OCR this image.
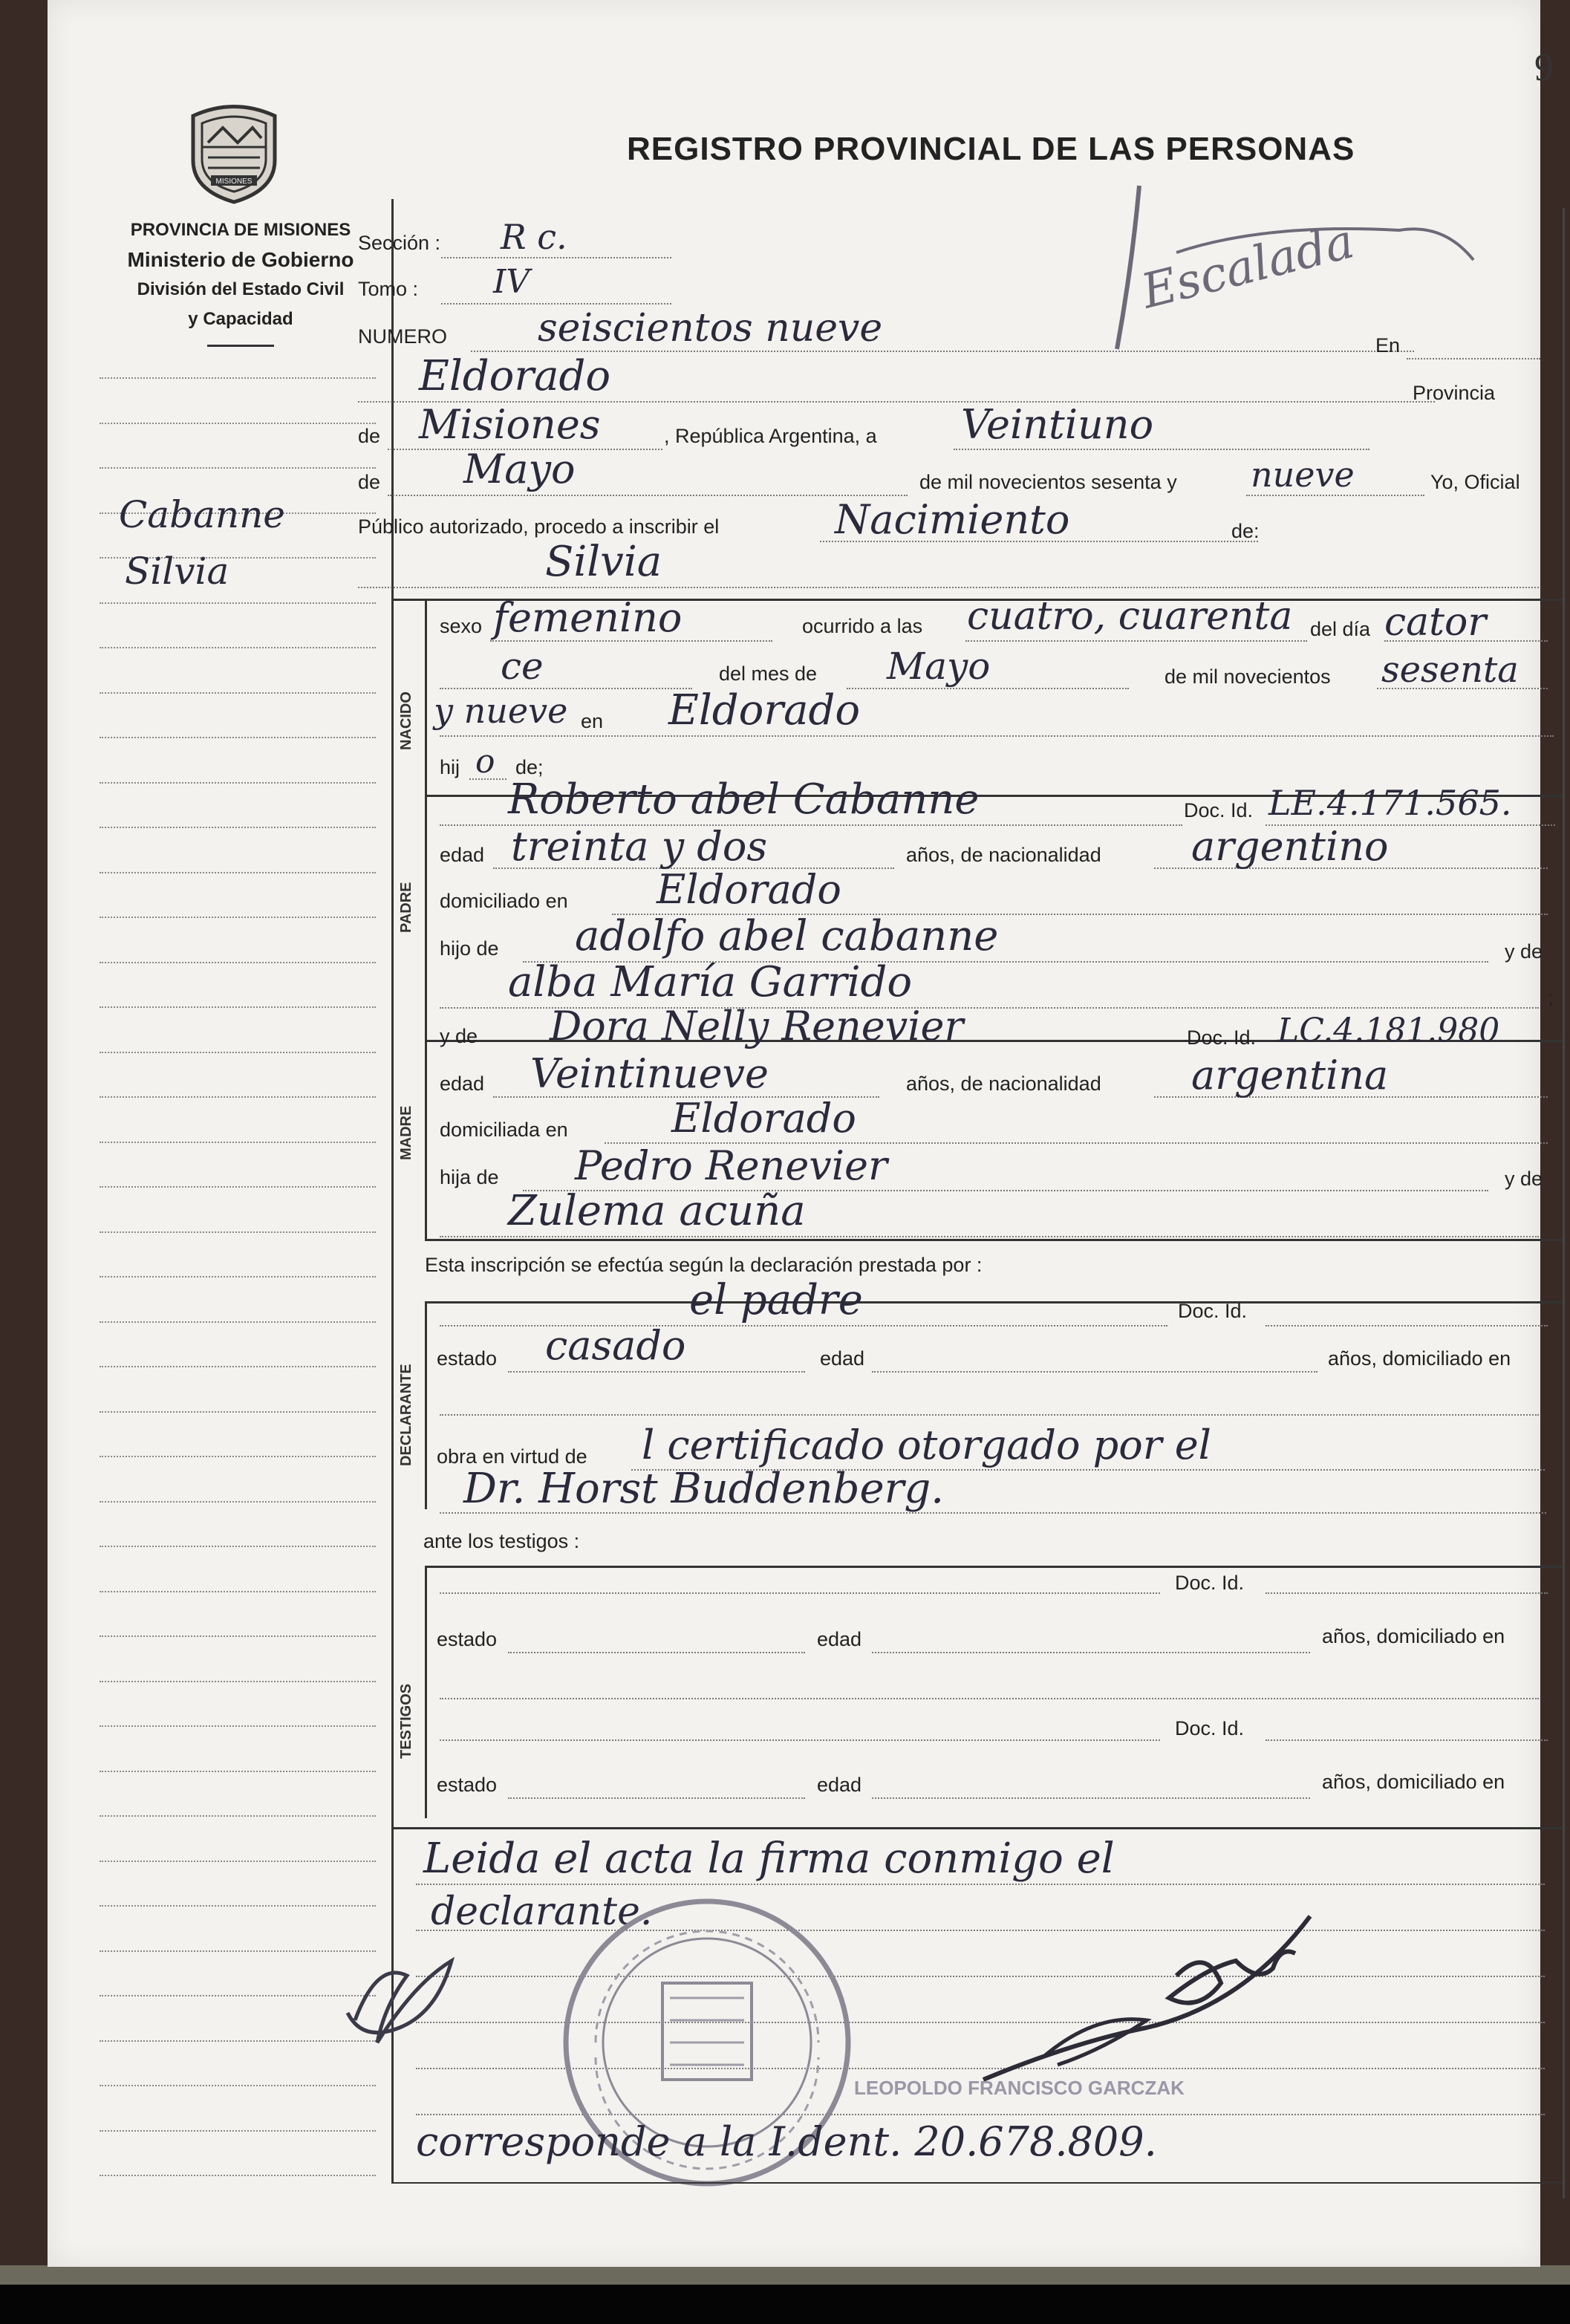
9
REGISTRO PROVINCIAL DE LAS PERSONAS
MISIONES
PROVINCIA DE MISIONES
Ministerio de Gobierno
División del Estado Civil
y Capacidad
Cabanne
Silvia
Sección : R c.
Tomo : IV
NUMERO seiscientos nueve	En
Escalada
Eldorado	Provincia
de Misiones	, República Argentina, a Veintiuno
de Mayo	de mil novecientos sesenta y nueve	Yo, Oficial
Público autorizado, procedo a inscribir el	Nacimiento	de:
Silvia
NACIDO
sexo femenino	ocurrido a las cuatro, cuarenta del día cator
ce	del mes de Mayo	de mil novecientos sesenta
y nueve en Eldorado
hij o de;
PADRE
Roberto abel Cabanne	Doc. Id. LE.4.171.565.
edad treinta y dos	años, de nacionalidad argentino
domiciliado en Eldorado
hijo de adolfo abel cabanne	y de
alba María Garrido	;
MADRE
y de Dora Nelly Renevier	Doc. Id. LC.4.181.980
edad Veintinueve	años, de nacionalidad argentina
domiciliada en	Eldorado
hija de Pedro Renevier	y de
Zulema acuña
Esta inscripción se efectúa según la declaración prestada por :
DECLARANTE
el padre	Doc. Id.
estado casado	edad	años, domiciliado en
obra en virtud de l certificado otorgado por el
Dr. Horst Buddenberg.
ante los testigos :
TESTIGOS
Doc. Id.
estado	edad	años, domiciliado en
Doc. Id.
estado	edad	años, domiciliado en
Leida el acta la firma conmigo el
declarante.
LEOPOLDO FRANCISCO GARCZAK
corresponde a la I.dent. 20.678.809.
